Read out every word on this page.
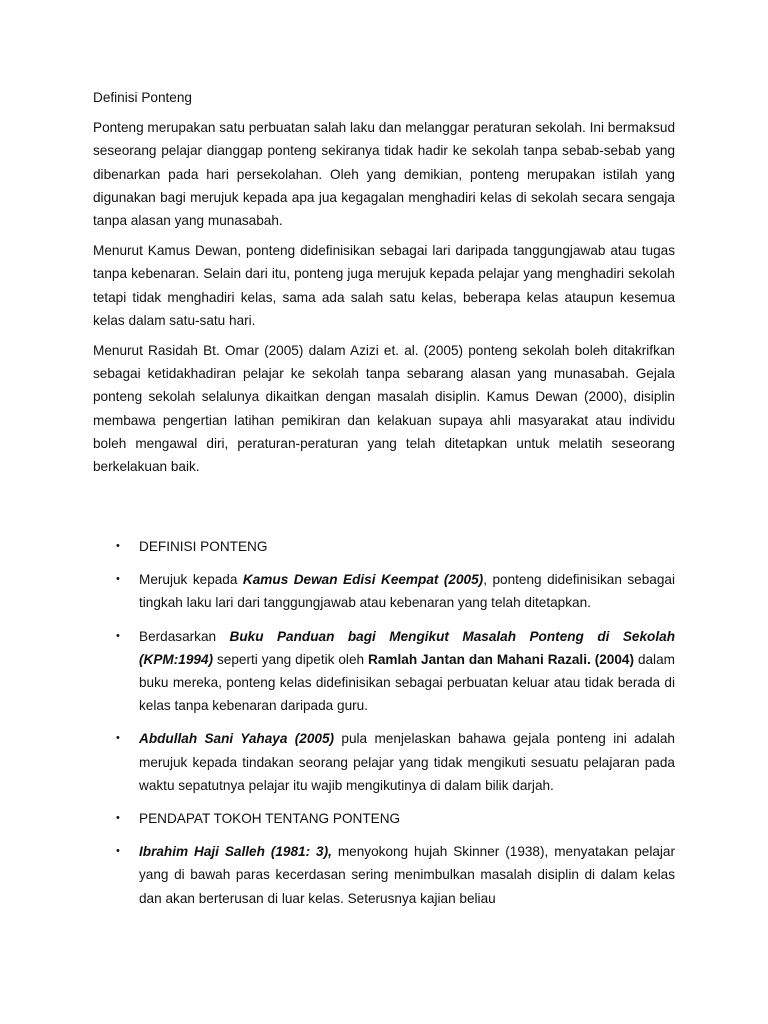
Definisi Ponteng

Ponteng merupakan satu perbuatan salah laku dan melanggar peraturan sekolah. Ini bermaksud seseorang pelajar dianggap ponteng sekiranya tidak hadir ke sekolah tanpa sebab-sebab yang dibenarkan pada hari persekolahan. Oleh yang demikian, ponteng merupakan istilah yang digunakan bagi merujuk kepada apa jua kegagalan menghadiri kelas di sekolah secara sengaja tanpa alasan yang munasabah.

Menurut Kamus Dewan, ponteng didefinisikan sebagai lari daripada tanggungjawab atau tugas tanpa kebenaran. Selain dari itu, ponteng juga merujuk kepada pelajar yang menghadiri sekolah tetapi tidak menghadiri kelas, sama ada salah satu kelas, beberapa kelas ataupun kesemua kelas dalam satu-satu hari.

Menurut Rasidah Bt. Omar (2005) dalam Azizi et. al. (2005) ponteng sekolah boleh ditakrifkan sebagai ketidakhadiran pelajar ke sekolah tanpa sebarang alasan yang munasabah. Gejala ponteng sekolah selalunya dikaitkan dengan masalah disiplin. Kamus Dewan (2000), disiplin membawa pengertian latihan pemikiran dan kelakuan supaya ahli masyarakat atau individu boleh mengawal diri, peraturan-peraturan yang telah ditetapkan untuk melatih seseorang berkelakuan baik.

• DEFINISI PONTENG
• Merujuk kepada Kamus Dewan Edisi Keempat (2005), ponteng didefinisikan sebagai tingkah laku lari dari tanggungjawab atau kebenaran yang telah ditetapkan.
• Berdasarkan Buku Panduan bagi Mengikut Masalah Ponteng di Sekolah (KPM:1994) seperti yang dipetik oleh Ramlah Jantan dan Mahani Razali. (2004) dalam buku mereka, ponteng kelas didefinisikan sebagai perbuatan keluar atau tidak berada di kelas tanpa kebenaran daripada guru.
• Abdullah Sani Yahaya (2005) pula menjelaskan bahawa gejala ponteng ini adalah merujuk kepada tindakan seorang pelajar yang tidak mengikuti sesuatu pelajaran pada waktu sepatutnya pelajar itu wajib mengikutinya di dalam bilik darjah.
• PENDAPAT TOKOH TENTANG PONTENG
• Ibrahim Haji Salleh (1981: 3), menyokong hujah Skinner (1938), menyatakan pelajar yang di bawah paras kecerdasan sering menimbulkan masalah disiplin di dalam kelas dan akan berterusan di luar kelas. Seterusnya kajian beliau
